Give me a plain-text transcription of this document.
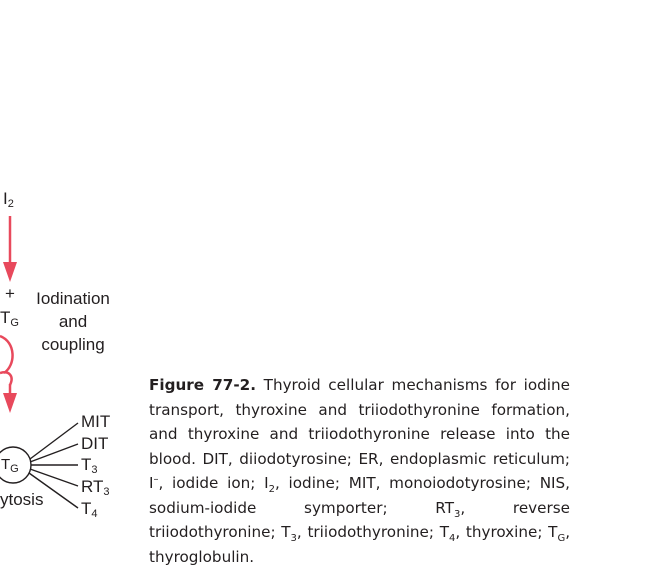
$I_2$
+
$T_G$
Iodination
and
coupling
$T_G$
MIT
DIT
$T_3$
$RT_3$
$T_4$
ytosis
Figure 77-2. Thyroid cellular mechanisms for iodine transport, thyroxine and triiodothyronine formation, and thyroxine and triiodothyronine release into the blood. DIT, diiodotyrosine; ER, endoplasmic reticulum; I–, iodide ion; $I_2$, iodine; MIT, monoiodotyrosine; NIS, sodium-iodide symporter; $RT_3$, reverse triiodothyronine; $T_3$, triiodothyronine; $T_4$, thyroxine; $T_G$, thyroglobulin.
